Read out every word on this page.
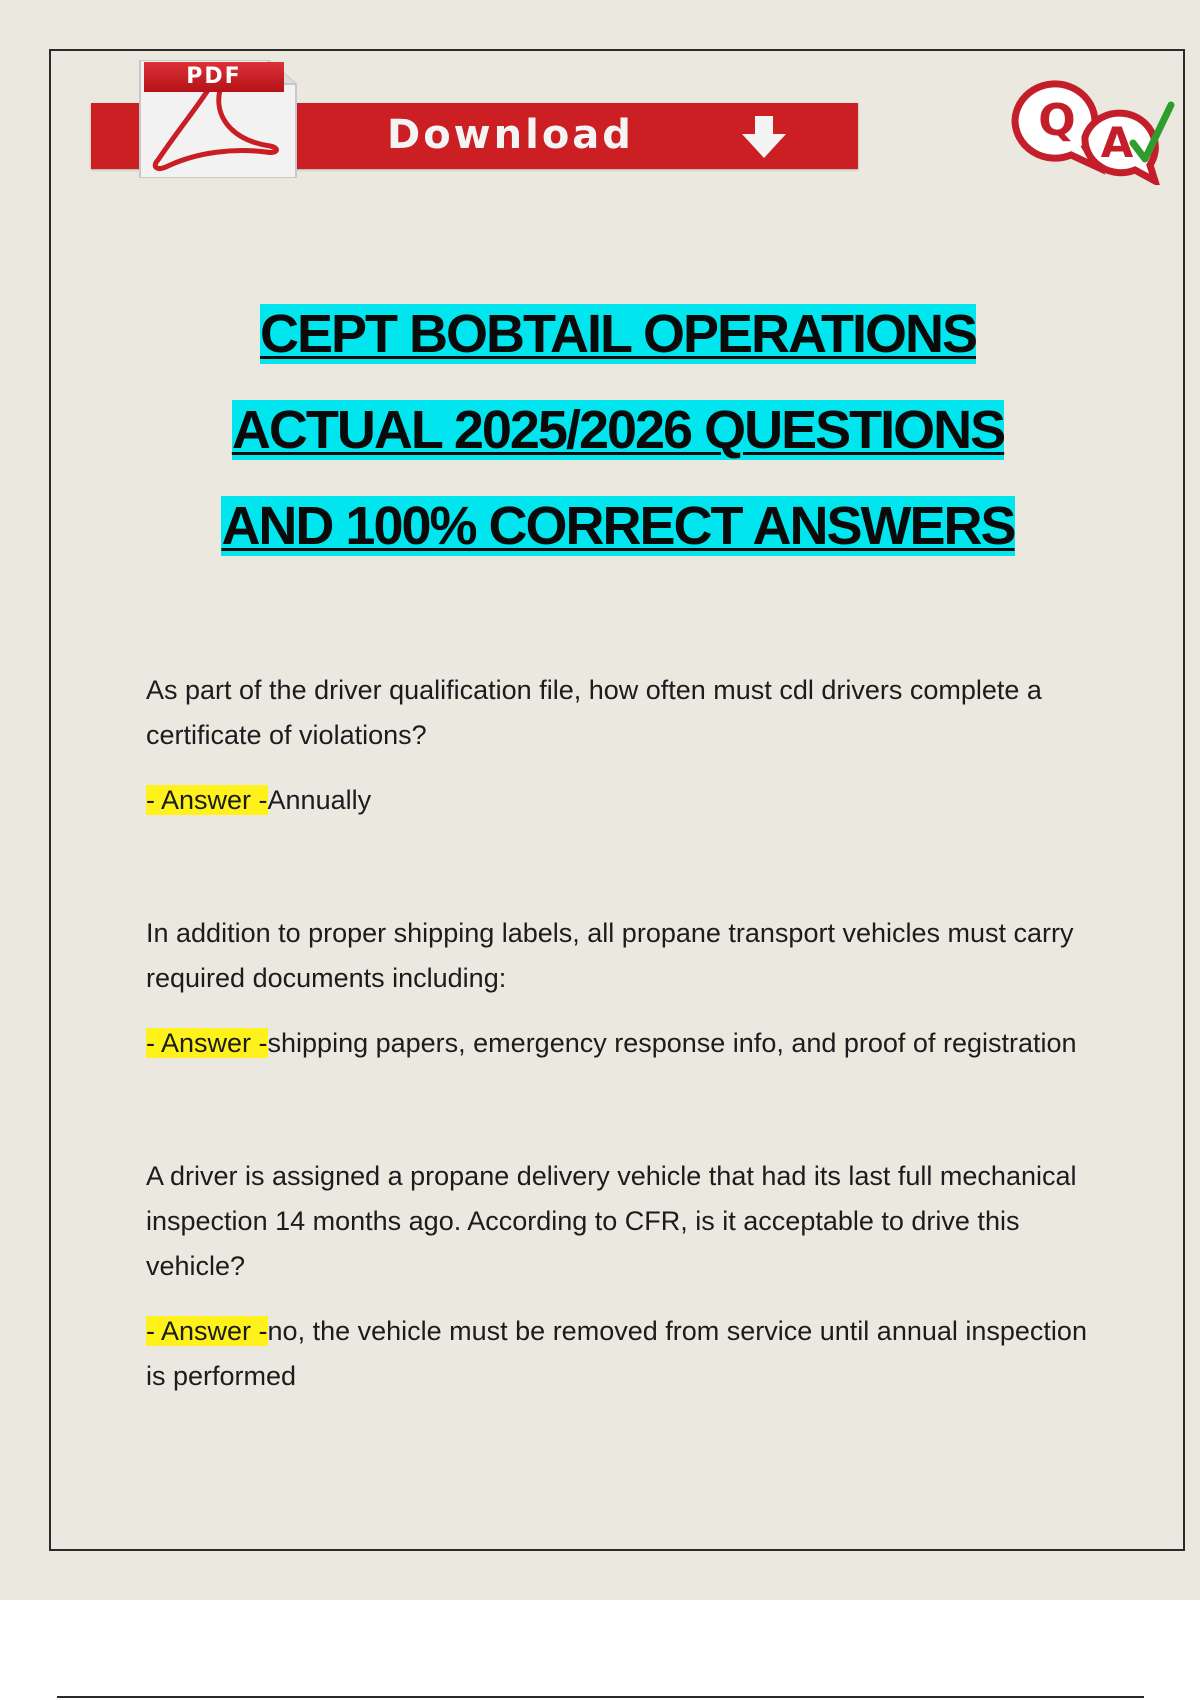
Download
PDF
Q A
CEPT BOBTAIL OPERATIONS
ACTUAL 2025/2026 QUESTIONS
AND 100% CORRECT ANSWERS

As part of the driver qualification file, how often must cdl drivers complete a certificate of violations?

- Answer -Annually

In addition to proper shipping labels, all propane transport vehicles must carry required documents including:

- Answer -shipping papers, emergency response info, and proof of registration

A driver is assigned a propane delivery vehicle that had its last full mechanical inspection 14 months ago. According to CFR, is it acceptable to drive this vehicle?

- Answer -no, the vehicle must be removed from service until annual inspection is performed
